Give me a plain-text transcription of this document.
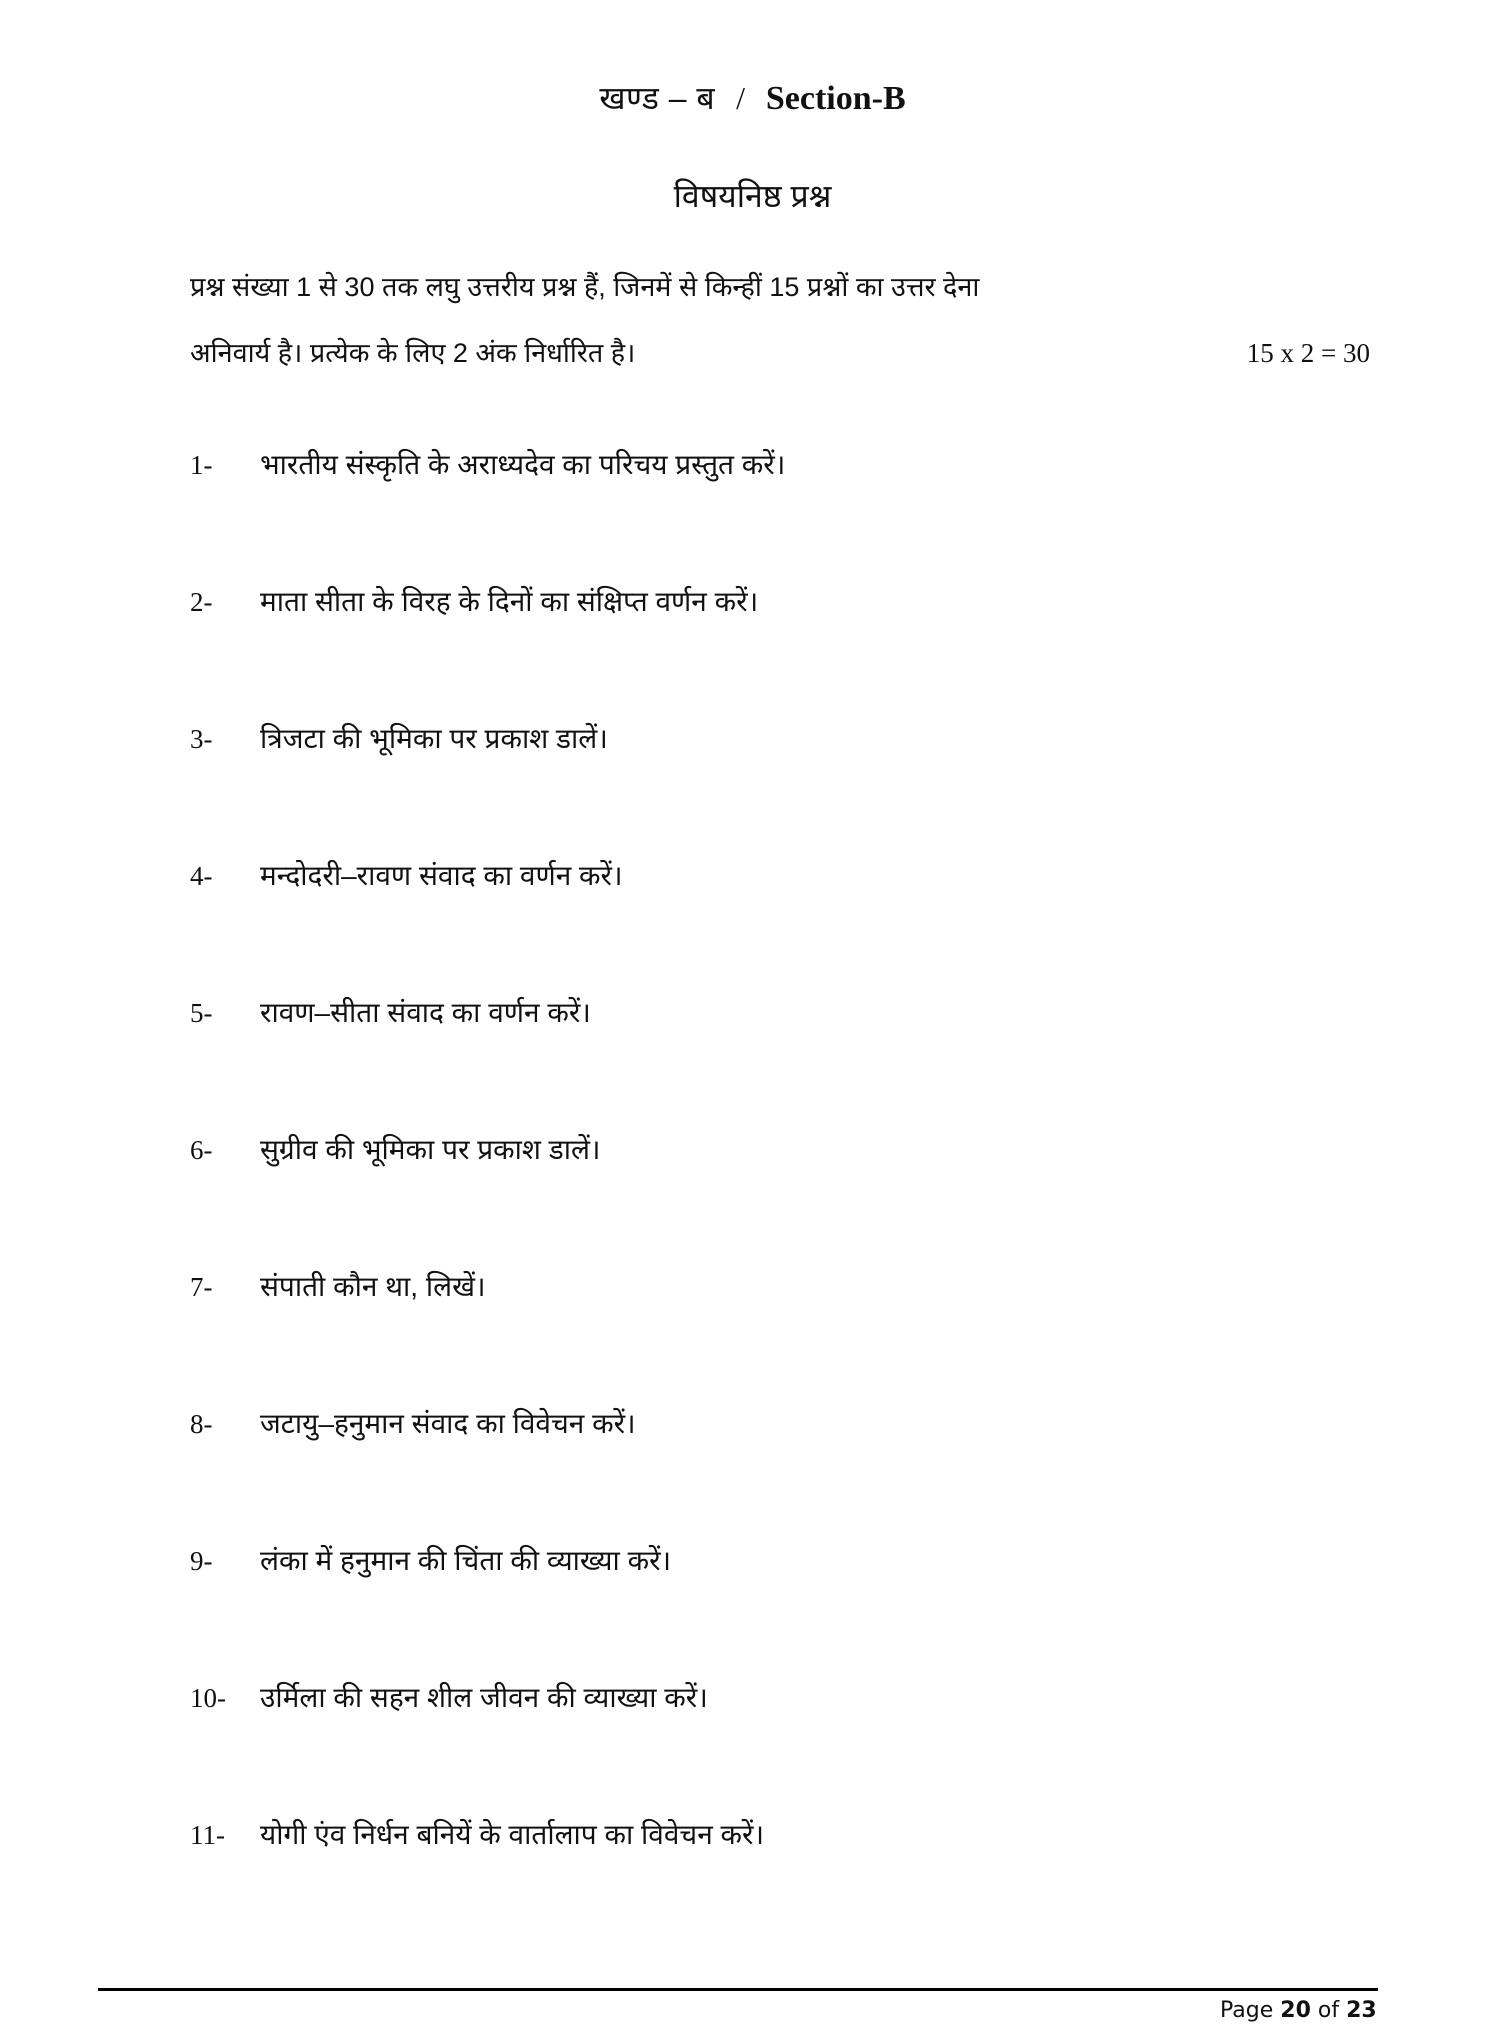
खण्ड – ब / Section-B
विषयनिष्ठ प्रश्न
प्रश्न संख्या 1 से 30 तक लघु उत्तरीय प्रश्न हैं, जिनमें से किन्हीं 15 प्रश्नों का उत्तर देना
अनिवार्य है। प्रत्येक के लिए 2 अंक निर्धारित है।	15 x 2 = 30
1- भारतीय संस्कृति के अराध्यदेव का परिचय प्रस्तुत करें।
2- माता सीता के विरह के दिनों का संक्षिप्त वर्णन करें।
3- त्रिजटा की भूमिका पर प्रकाश डालें।
4- मन्दोदरी–रावण संवाद का वर्णन करें।
5- रावण–सीता संवाद का वर्णन करें।
6- सुग्रीव की भूमिका पर प्रकाश डालें।
7- संपाती कौन था, लिखें।
8- जटायु–हनुमान संवाद का विवेचन करें।
9- लंका में हनुमान की चिंता की व्याख्या करें।
10- उर्मिला की सहन शील जीवन की व्याख्या करें।
11- योगी एंव निर्धन बनियें के वार्तालाप का विवेचन करें।
Page 20 of 23
